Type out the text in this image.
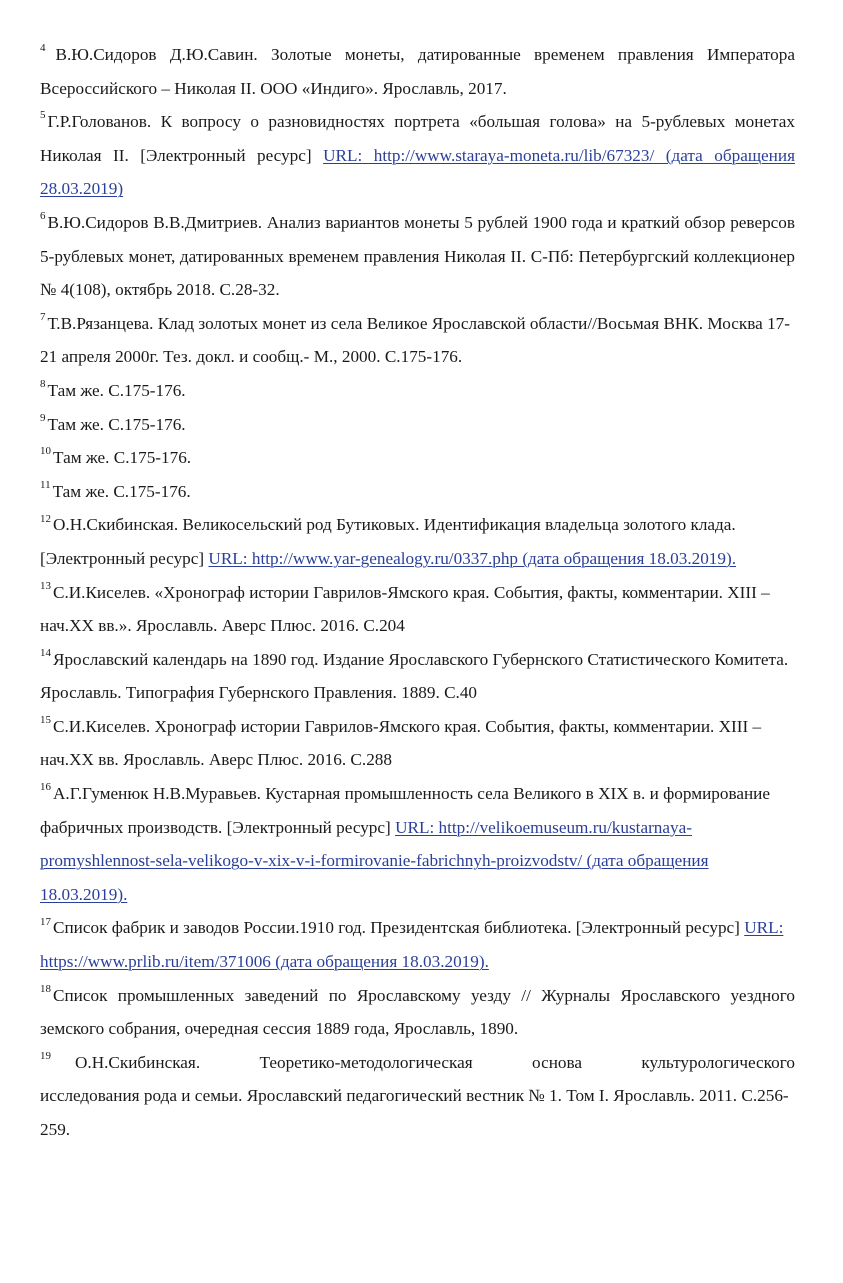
$^4$ В.Ю.Сидоров Д.Ю.Савин. Золотые монеты, датированные временем правления Императора Всероссийского – Николая II. ООО «Индиго». Ярославль, 2017.

$^5$ Г.Р.Голованов. К вопросу о разновидностях портрета «большая голова» на 5-рублевых монетах Николая II. [Электронный ресурс] URL: http://www.staraya-moneta.ru/lib/67323/ (дата обращения 28.03.2019)

$^6$ В.Ю.Сидоров В.В.Дмитриев. Анализ вариантов монеты 5 рублей 1900 года и краткий обзор реверсов 5-рублевых монет, датированных временем правления Николая II. С-Пб: Петербургский коллекционер № 4(108), октябрь 2018. С.28-32.

$^7$ Т.В.Рязанцева. Клад золотых монет из села Великое Ярославской области//Восьмая ВНК. Москва 17-21 апреля 2000г. Тез. докл. и сообщ.- М., 2000. С.175-176.

$^8$ Там же. С.175-176.

$^9$ Там же. С.175-176.

$^{10}$ Там же. С.175-176.

$^{11}$ Там же. С.175-176.

$^{12}$ О.Н.Скибинская. Великосельский род Бутиковых. Идентификация владельца золотого клада. [Электронный ресурс] URL: http://www.yar-genealogy.ru/0337.php (дата обращения 18.03.2019).

$^{13}$ С.И.Киселев. «Хронограф истории Гаврилов-Ямского края. События, факты, комментарии. XIII – нач.XX вв.». Ярославль. Аверс Плюс. 2016. С.204

$^{14}$ Ярославский календарь на 1890 год. Издание Ярославского Губернского Статистического Комитета. Ярославль. Типография Губернского Правления. 1889. С.40

$^{15}$ С.И.Киселев. Хронограф истории Гаврилов-Ямского края. События, факты, комментарии. XIII – нач.XX вв. Ярославль. Аверс Плюс. 2016. С.288

$^{16}$ А.Г.Гуменюк Н.В.Муравьев. Кустарная промышленность села Великого в XIX в. и формирование фабричных производств. [Электронный ресурс] URL: http://velikoemuseum.ru/kustarnaya-promyshlennost-sela-velikogo-v-xix-v-i-formirovanie-fabrichnyh-proizvodstv/ (дата обращения 18.03.2019).

$^{17}$ Список фабрик и заводов России.1910 год. Президентская библиотека. [Электронный ресурс] URL: https://www.prlib.ru/item/371006 (дата обращения 18.03.2019).

$^{18}$ Список промышленных заведений по Ярославскому уезду // Журналы Ярославского уездного земского собрания, очередная сессия 1889 года, Ярославль, 1890.

$^{19}$ О.Н.Скибинская.	Теоретико-методологическая	основа	культурологического
исследования рода и семьи. Ярославский педагогический вестник № 1. Том I. Ярославль. 2011. С.256-259.
